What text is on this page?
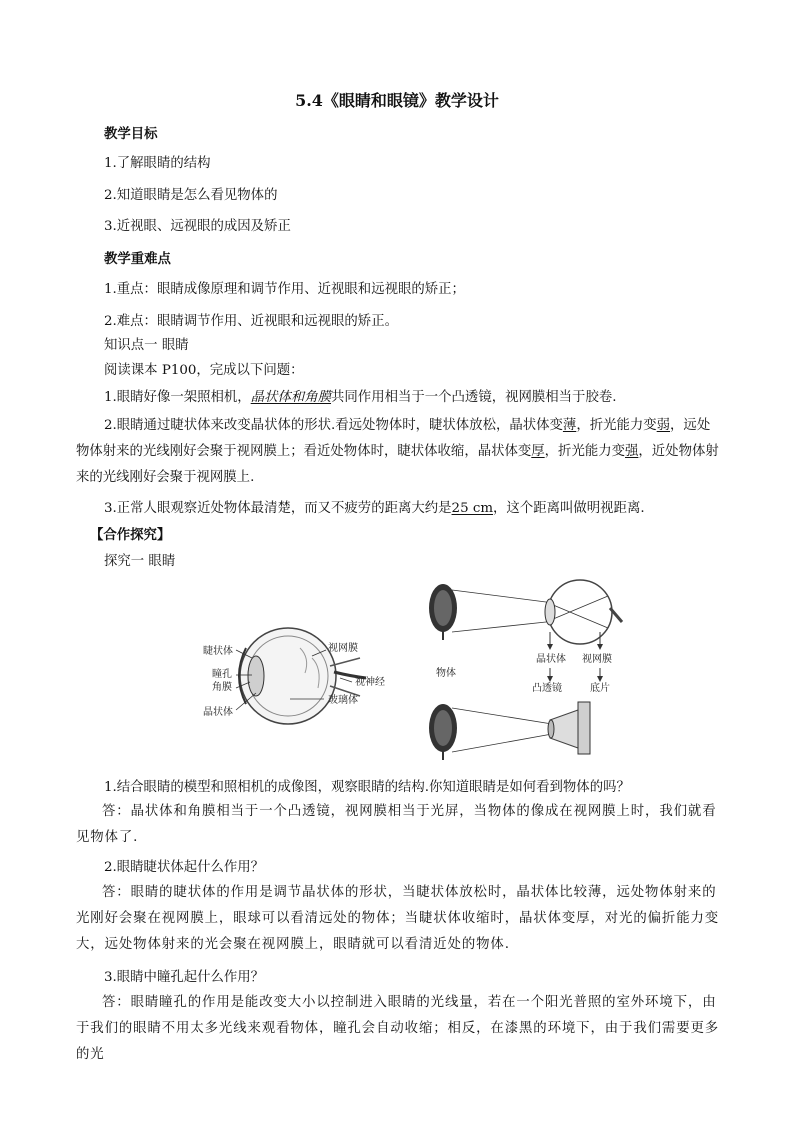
5.4《眼睛和眼镜》教学设计
教学目标
1.了解眼睛的结构
2.知道眼睛是怎么看见物体的
3.近视眼、远视眼的成因及矫正
教学重难点
1.重点：眼睛成像原理和调节作用、近视眼和远视眼的矫正；
2.难点：眼睛调节作用、近视眼和远视眼的矫正。
知识点一 眼睛
阅读课本 P100，完成以下问题：
1.眼睛好像一架照相机，晶状体和角膜共同作用相当于一个凸透镜，视网膜相当于胶卷.
2.眼睛通过睫状体来改变晶状体的形状.看远处物体时，睫状体放松，晶状体变薄，折光能力变弱，远处物体射来的光线刚好会聚于视网膜上；看近处物体时，睫状体收缩，晶状体变厚，折光能力变强，近处物体射来的光线刚好会聚于视网膜上.
3.正常人眼观察近处物体最清楚，而又不疲劳的距离大约是25 cm，这个距离叫做明视距离.
【合作探究】
探究一 眼睛
睫状体
瞳孔
角膜
晶状体
视网膜
视神经
玻璃体
晶状体 视网膜
物体
凸透镜	底片
1.结合眼睛的模型和照相机的成像图，观察眼睛的结构.你知道眼睛是如何看到物体的吗？
答：晶状体和角膜相当于一个凸透镜，视网膜相当于光屏，当物体的像成在视网膜上时，我们就看见物体了.
2.眼睛睫状体起什么作用？
答：眼睛的睫状体的作用是调节晶状体的形状，当睫状体放松时，晶状体比较薄，远处物体射来的光刚好会聚在视网膜上，眼球可以看清远处的物体；当睫状体收缩时，晶状体变厚，对光的偏折能力变大，远处物体射来的光会聚在视网膜上，眼睛就可以看清近处的物体.
3.眼睛中瞳孔起什么作用？
答：眼睛瞳孔的作用是能改变大小以控制进入眼睛的光线量，若在一个阳光普照的室外环境下，由于我们的眼睛不用太多光线来观看物体，瞳孔会自动收缩；相反，在漆黑的环境下，由于我们需要更多的光
